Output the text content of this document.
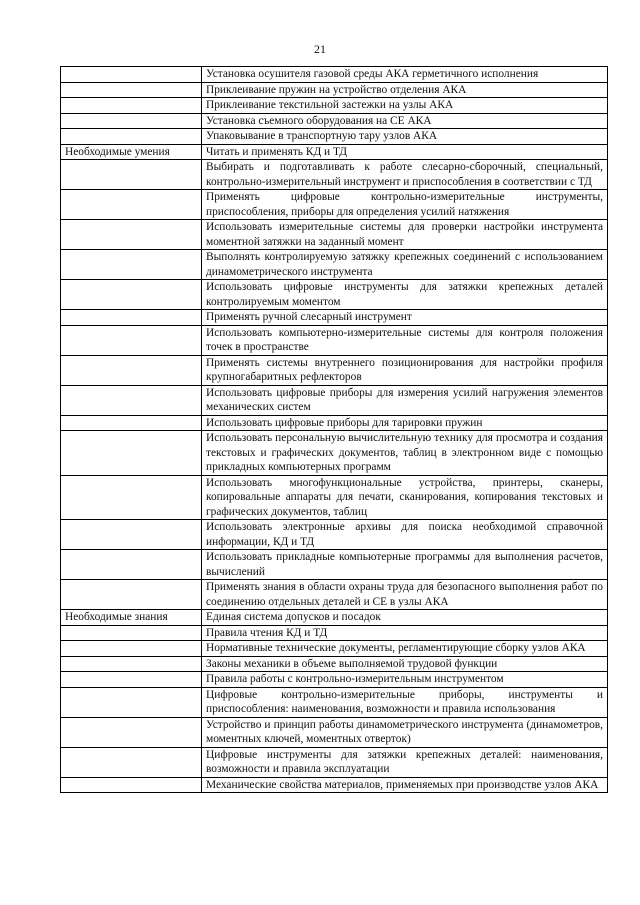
21
	Установка осушителя газовой среды АКА герметичного исполнения
	Приклеивание пружин на устройство отделения АКА
	Приклеивание текстильной застежки на узлы АКА
	Установка съемного оборудования на СЕ АКА
	Упаковывание в транспортную тару узлов АКА
Необходимые умения	Читать и применять КД и ТД
	Выбирать и подготавливать к работе слесарно-сборочный, специальный, контрольно-измерительный инструмент и приспособления в соответствии с ТД
	Применять цифровые контрольно-измерительные инструменты, приспособления, приборы для определения усилий натяжения
	Использовать измерительные системы для проверки настройки инструмента моментной затяжки на заданный момент
	Выполнять контролируемую затяжку крепежных соединений с использованием динамометрического инструмента
	Использовать цифровые инструменты для затяжки крепежных деталей контролируемым моментом
	Применять ручной слесарный инструмент
	Использовать компьютерно-измерительные системы для контроля положения точек в пространстве
	Применять системы внутреннего позиционирования для настройки профиля крупногабаритных рефлекторов
	Использовать цифровые приборы для измерения усилий нагружения элементов механических систем
	Использовать цифровые приборы для тарировки пружин
	Использовать персональную вычислительную технику для просмотра и создания текстовых и графических документов, таблиц в электронном виде с помощью прикладных компьютерных программ
	Использовать многофункциональные устройства, принтеры, сканеры, копировальные аппараты для печати, сканирования, копирования текстовых и графических документов, таблиц
	Использовать электронные архивы для поиска необходимой справочной информации, КД и ТД
	Использовать прикладные компьютерные программы для выполнения расчетов, вычислений
	Применять знания в области охраны труда для безопасного выполнения работ по соединению отдельных деталей и СЕ в узлы АКА
Необходимые знания	Единая система допусков и посадок
	Правила чтения КД и ТД
	Нормативные технические документы, регламентирующие сборку узлов АКА
	Законы механики в объеме выполняемой трудовой функции
	Правила работы с контрольно-измерительным инструментом
	Цифровые контрольно-измерительные приборы, инструменты и приспособления: наименования, возможности и правила использования
	Устройство и принцип работы динамометрического инструмента (динамометров, моментных ключей, моментных отверток)
	Цифровые инструменты для затяжки крепежных деталей: наименования, возможности и правила эксплуатации
	Механические свойства материалов, применяемых при производстве узлов АКА
